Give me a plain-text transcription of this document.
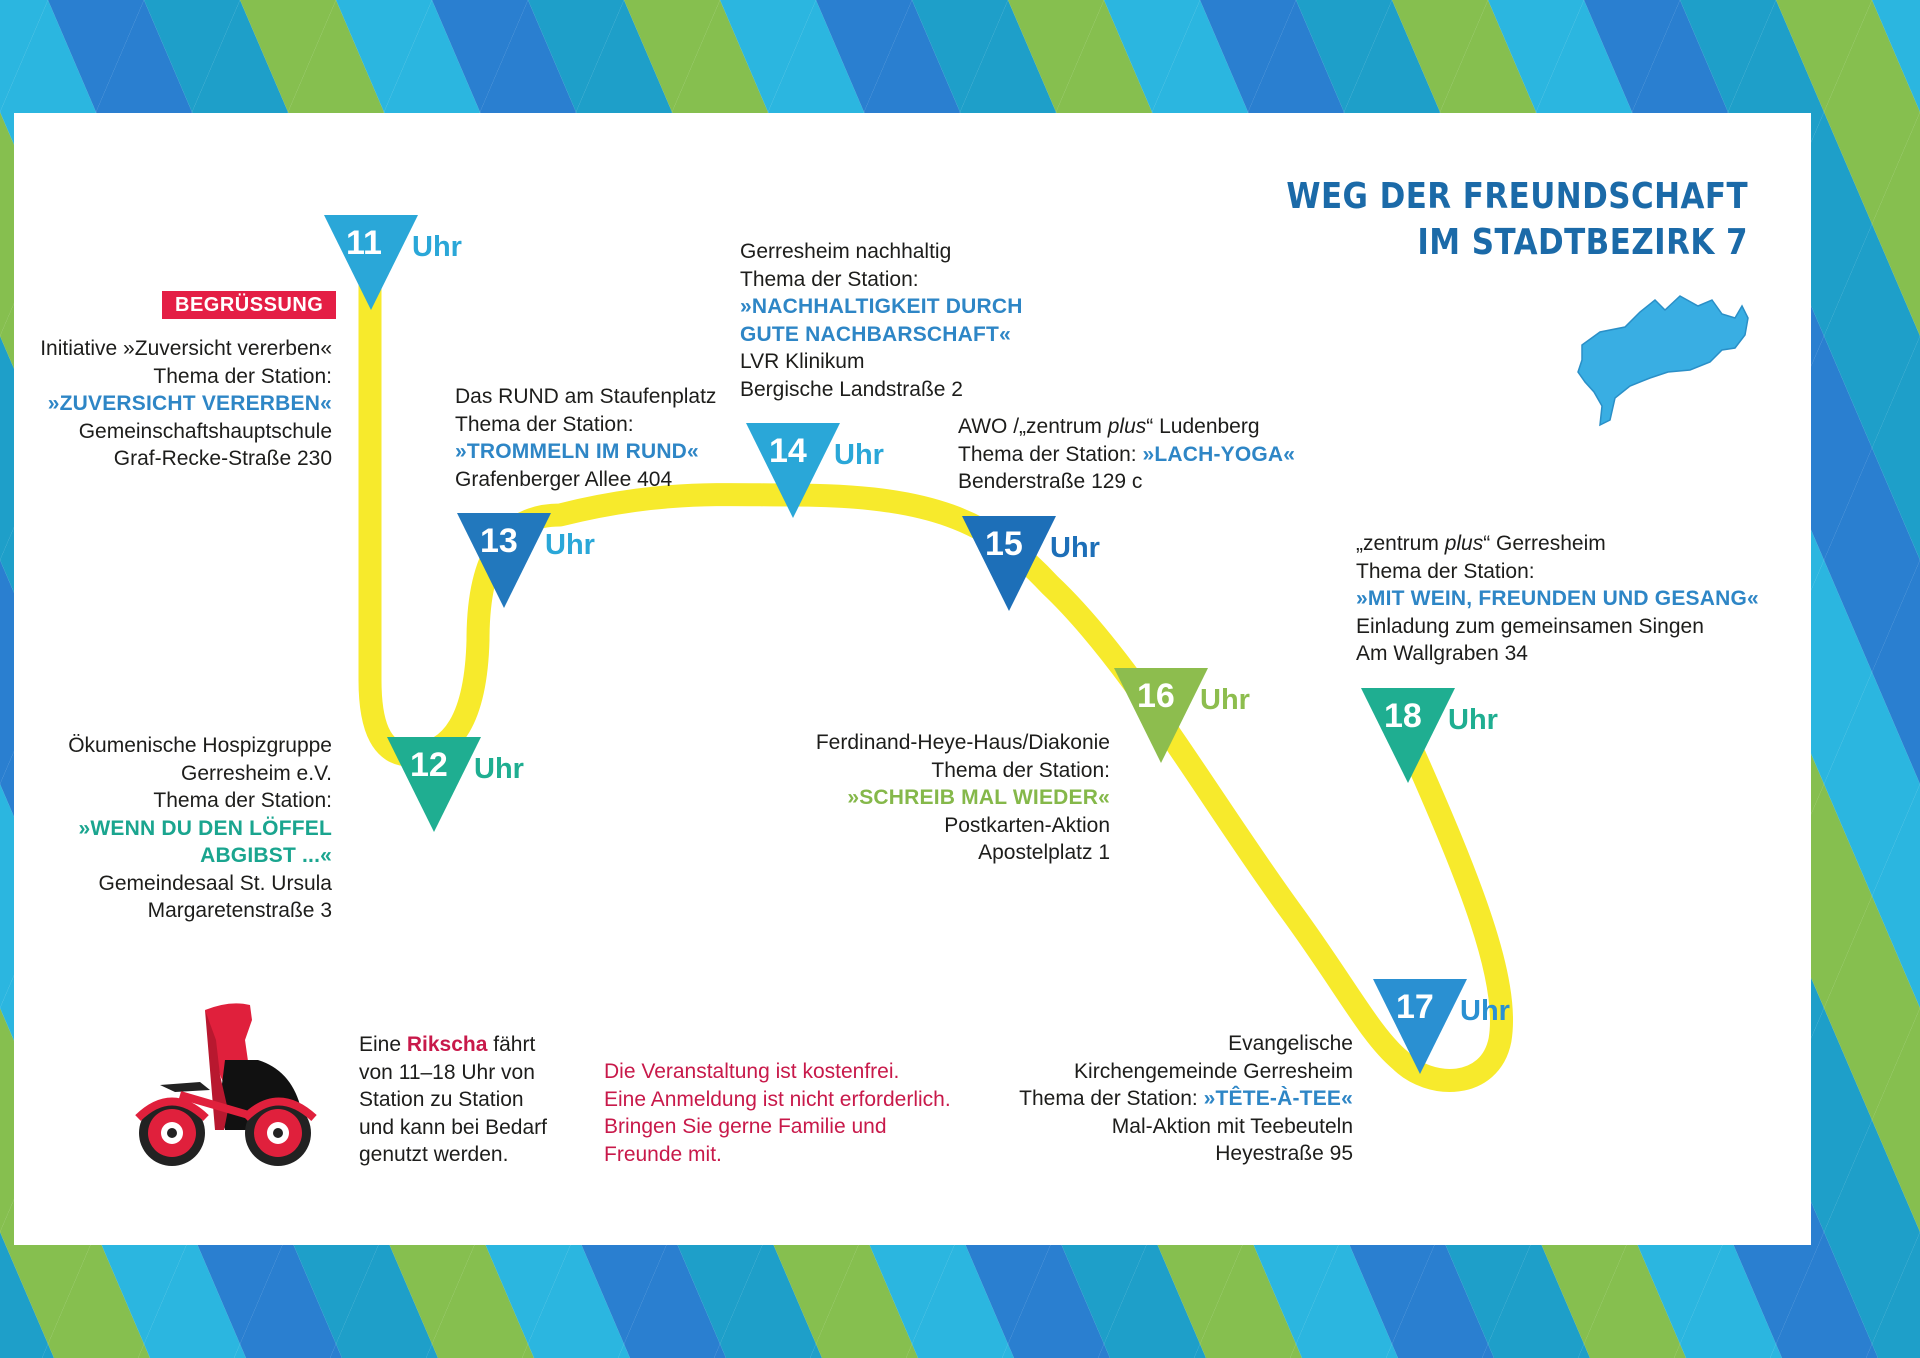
11 Uhr
12 Uhr
13 Uhr
14 Uhr
15 Uhr
16 Uhr
17 Uhr
18 Uhr
WEG DER FREUNDSCHAFT
IM STADTBEZIRK 7
BEGRÜSSUNG
Initiative »Zuversicht vererben«
Thema der Station:
»ZUVERSICHT VERERBEN«
Gemeinschaftshauptschule
Graf-Recke-Straße 230
Ökumenische Hospizgruppe
Gerresheim e.V.
Thema der Station:
»WENN DU DEN LÖFFEL
ABGIBST ...«
Gemeindesaal St. Ursula
Margaretenstraße 3
Das RUND am Staufenplatz
Thema der Station:
»TROMMELN IM RUND«
Grafenberger Allee 404
Gerresheim nachhaltig
Thema der Station:
»NACHHALTIGKEIT DURCH
GUTE NACHBARSCHAFT«
LVR Klinikum
Bergische Landstraße 2
AWO /„zentrum plus“ Ludenberg
Thema der Station: »LACH-YOGA«
Benderstraße 129 c
Ferdinand-Heye-Haus/Diakonie
Thema der Station:
»SCHREIB MAL WIEDER«
Postkarten-Aktion
Apostelplatz 1
Evangelische
Kirchengemeinde Gerresheim
Thema der Station: »TÊTE-À-TEE«
Mal-Aktion mit Teebeuteln
Heyestraße 95
„zentrum plus“ Gerresheim
Thema der Station:
»MIT WEIN, FREUNDEN UND GESANG«
Einladung zum gemeinsamen Singen
Am Wallgraben 34
Eine Rikscha fährt
von 11–18 Uhr von
Station zu Station
und kann bei Bedarf
genutzt werden.
Die Veranstaltung ist kostenfrei.
Eine Anmeldung ist nicht erforderlich.
Bringen Sie gerne Familie und
Freunde mit.
